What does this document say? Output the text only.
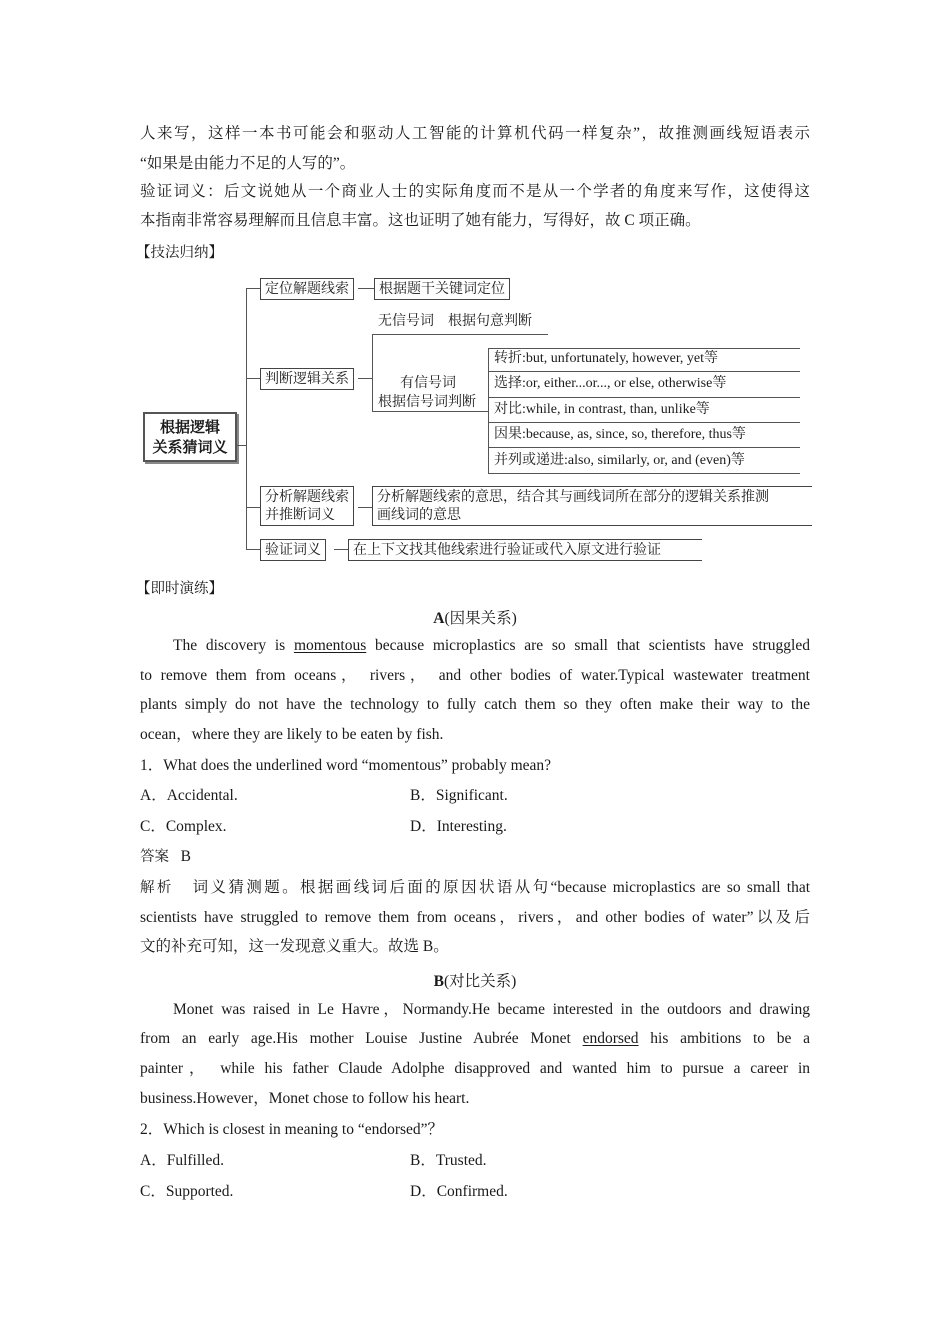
人来写，这样一本书可能会和驱动人工智能的计算机代码一样复杂”，故推测画线短语表示
“如果是由能力不足的人写的”。
验证词义：后文说她从一个商业人士的实际角度而不是从一个学者的角度来写作，这使得这
本指南非常容易理解而且信息丰富。这也证明了她有能力，写得好，故 C 项正确。
【技法归纳】
根据逻辑
关系猜词义
定位解题线索	根据题干关键词定位
判断逻辑关系
无信号词　根据句意判断
有信号词
根据信号词判断
转折:but, unfortunately, however, yet等
选择:or, either...or..., or else, otherwise等
对比:while, in contrast, than, unlike等
因果:because, as, since, so, therefore, thus等
并列或递进:also, similarly, or, and (even)等
分析解题线索
并推断词义
分析解题线索的意思，结合其与画线词所在部分的逻辑关系推测
画线词的意思
验证词义	在上下文找其他线索进行验证或代入原文进行验证
【即时演练】
A(因果关系)
The discovery is momentous because microplastics are so small that scientists have struggled
to remove them from oceans， rivers， and other bodies of water.Typical wastewater treatment
plants simply do not have the technology to fully catch them so they often make their way to the
ocean，where they are likely to be eaten by fish.
1．What does the underlined word “momentous” probably mean?
A．Accidental.	B．Significant.
C．Complex.	D．Interesting.
答案 B
解析 词义猜测题。根据画线词后面的原因状语从句“because microplastics are so small that
scientists have struggled to remove them from oceans，rivers，and other bodies of water”以及后
文的补充可知，这一发现意义重大。故选 B。
B(对比关系)
Monet was raised in Le Havre，Normandy.He became interested in the outdoors and drawing
from an early age.His mother Louise Justine Aubrée Monet endorsed his ambitions to be a
painter， while his father Claude Adolphe disapproved and wanted him to pursue a career in
business.However，Monet chose to follow his heart.
2．Which is closest in meaning to “endorsed”？
A．Fulfilled.	B．Trusted.
C．Supported.	D．Confirmed.
